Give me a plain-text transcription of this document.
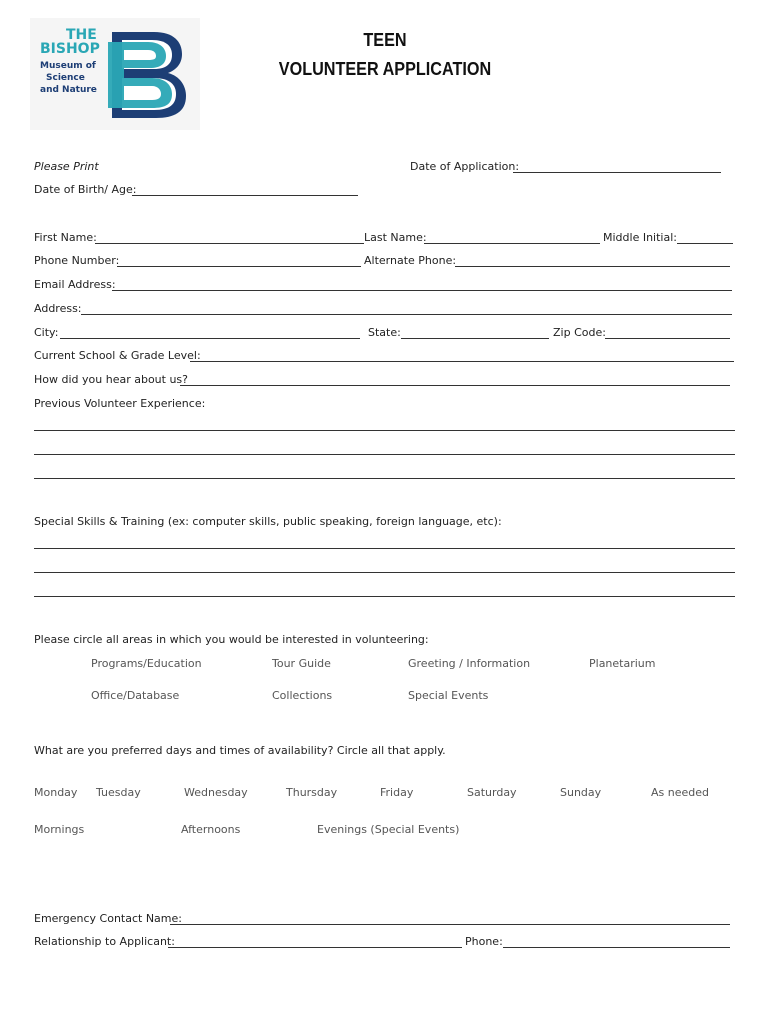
THE
BISHOP
Museum of
Science
and Nature
TEEN
VOLUNTEER APPLICATION
Please Print	Date of Application:
Date of Birth/ Age:
First Name:	Last Name:	Middle Initial:
Phone Number:	Alternate Phone:
Email Address:
Address:
City:	State:	Zip Code:
Current School & Grade Level:
How did you hear about us?
Previous Volunteer Experience:
Special Skills & Training (ex: computer skills, public speaking, foreign language, etc):
Please circle all areas in which you would be interested in volunteering:
Programs/Education	Tour Guide	Greeting / Information	Planetarium
Office/Database	Collections	Special Events
What are you preferred days and times of availability? Circle all that apply.
Monday Tuesday	Wednesday	Thursday	Friday	Saturday	Sunday	As needed
Mornings	Afternoons	Evenings (Special Events)
Emergency Contact Name:
Relationship to Applicant:	Phone:
